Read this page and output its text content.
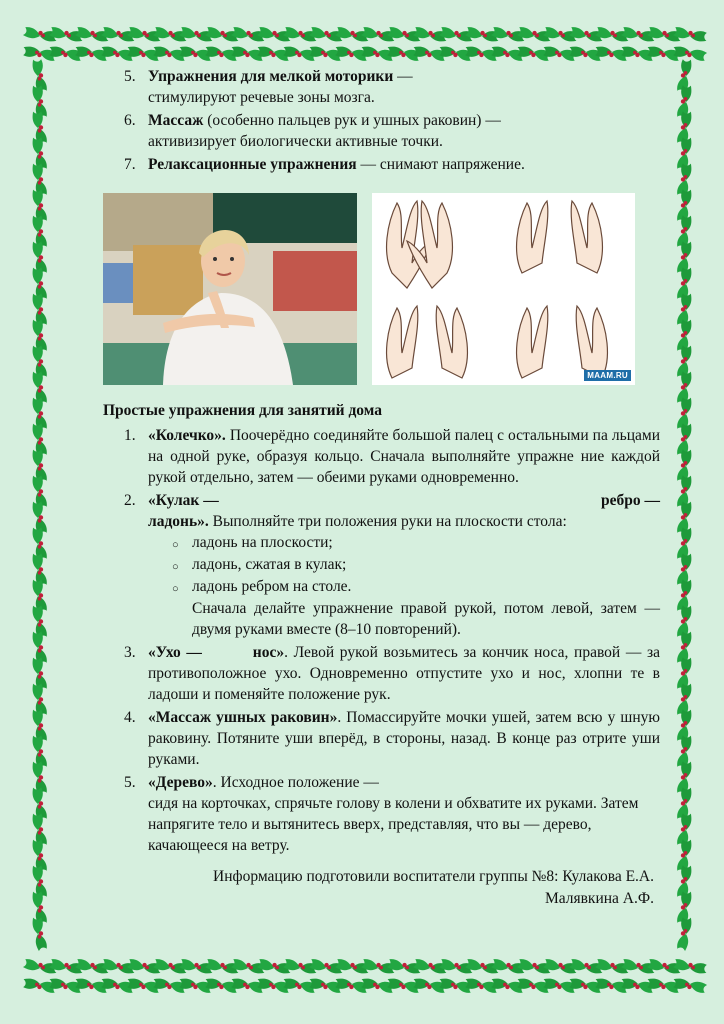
5. Упражнения для мелкой моторики —
стимулируют речевые зоны мозга.
6. Массаж (особенно пальцев рук и ушных раковин) —
активизирует биологически активные точки.
7. Релаксационные упражнения — снимают напряжение.
MAAM.RU
Простые упражнения для занятий дома
1. «Колечко». Поочерёдно соединяйте большой палец с остальными па льцами на одной руке, образуя кольцо. Сначала выполняйте упражне ние каждой рукой отдельно, затем — обеими руками одновременно.
2. «Кулак —	ребро —
ладонь». Выполняйте три положения руки на плоскости стола:
○ ладонь на плоскости;
○ ладонь, сжатая в кулак;
○ ладонь ребром на столе.
Сначала делайте упражнение правой рукой, потом левой, затем — двумя руками вместе (8–10 повторений).
3. «Ухо —	нос». Левой рукой возьмитесь за кончик носа, правой — за противоположное ухо. Одновременно отпустите ухо и нос, хлопни те в ладоши и поменяйте положение рук.
4. «Массаж ушных раковин». Помассируйте мочки ушей, затем всю у шную раковину. Потяните уши вперёд, в стороны, назад. В конце раз отрите уши руками.
5. «Дерево». Исходное положение —
сидя на корточках, спрячьте голову в колени и обхватите их руками. Затем напрягите тело и вытянитесь вверх, представляя, что вы — дерево, качающееся на ветру.
Информацию подготовили воспитатели группы №8: Кулакова Е.А.
Малявкина А.Ф.
